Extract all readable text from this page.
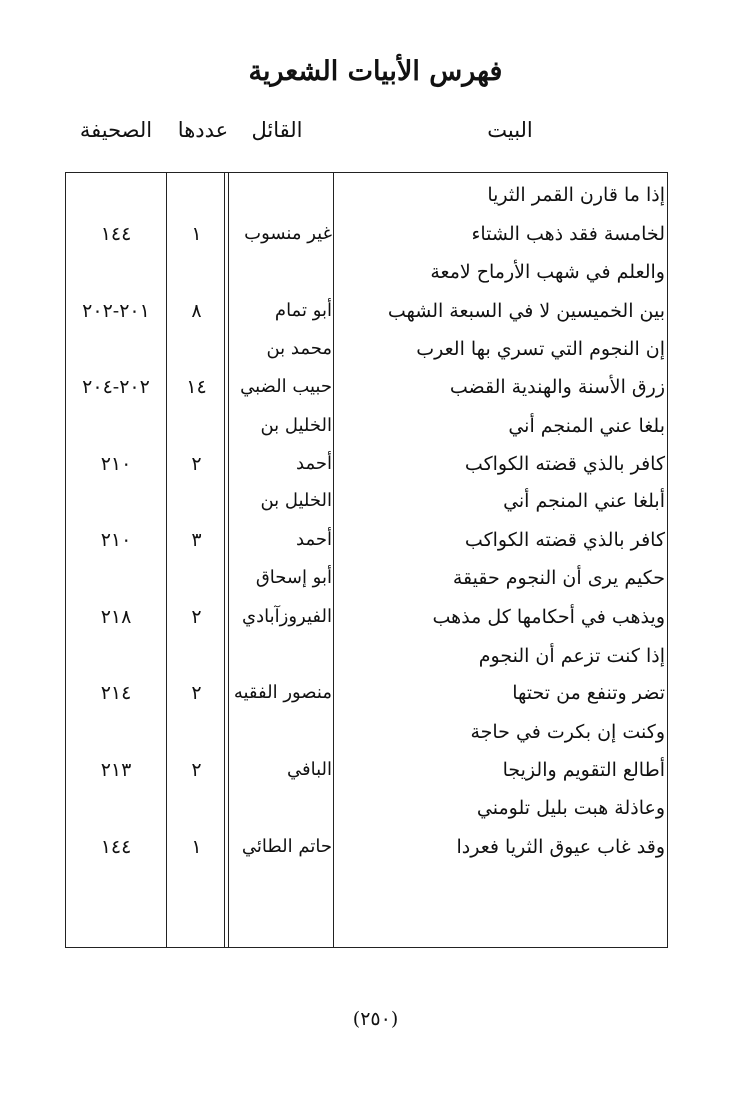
فهرس الأبيات الشعرية
البيت
القائل
عددها
الصحيفة
إذا ما قارن القمر الثريا
لخامسة فقد ذهب الشتاء
غير منسوب
١
١٤٤
والعلم في شهب الأرماح لامعة
بين الخميسين لا في السبعة الشهب
أبو تمام
٨
٢٠١-٢٠٢
إن النجوم التي تسري بها العرب
محمد بن
زرق الأسنة والهندية القضب
حبيب الضبي
١٤
٢٠٢-٢٠٤
بلغا عني المنجم أني
الخليل بن
كافر بالذي قضته الكواكب
أحمد
٢
٢١٠
أبلغا عني المنجم أني
الخليل بن
كافر بالذي قضته الكواكب
أحمد
٣
٢١٠
حكيم يرى أن النجوم حقيقة
أبو إسحاق
ويذهب في أحكامها كل مذهب
الفيروزآبادي
٢
٢١٨
إذا كنت تزعم أن النجوم
تضر وتنفع من تحتها
منصور الفقيه
٢
٢١٤
وكنت إن بكرت في حاجة
أطالع التقويم والزيجا
البافي
٢
٢١٣
وعاذلة هبت بليل تلومني
وقد غاب عيوق الثريا فعردا
حاتم الطائي
١
١٤٤
(٢٥٠)
